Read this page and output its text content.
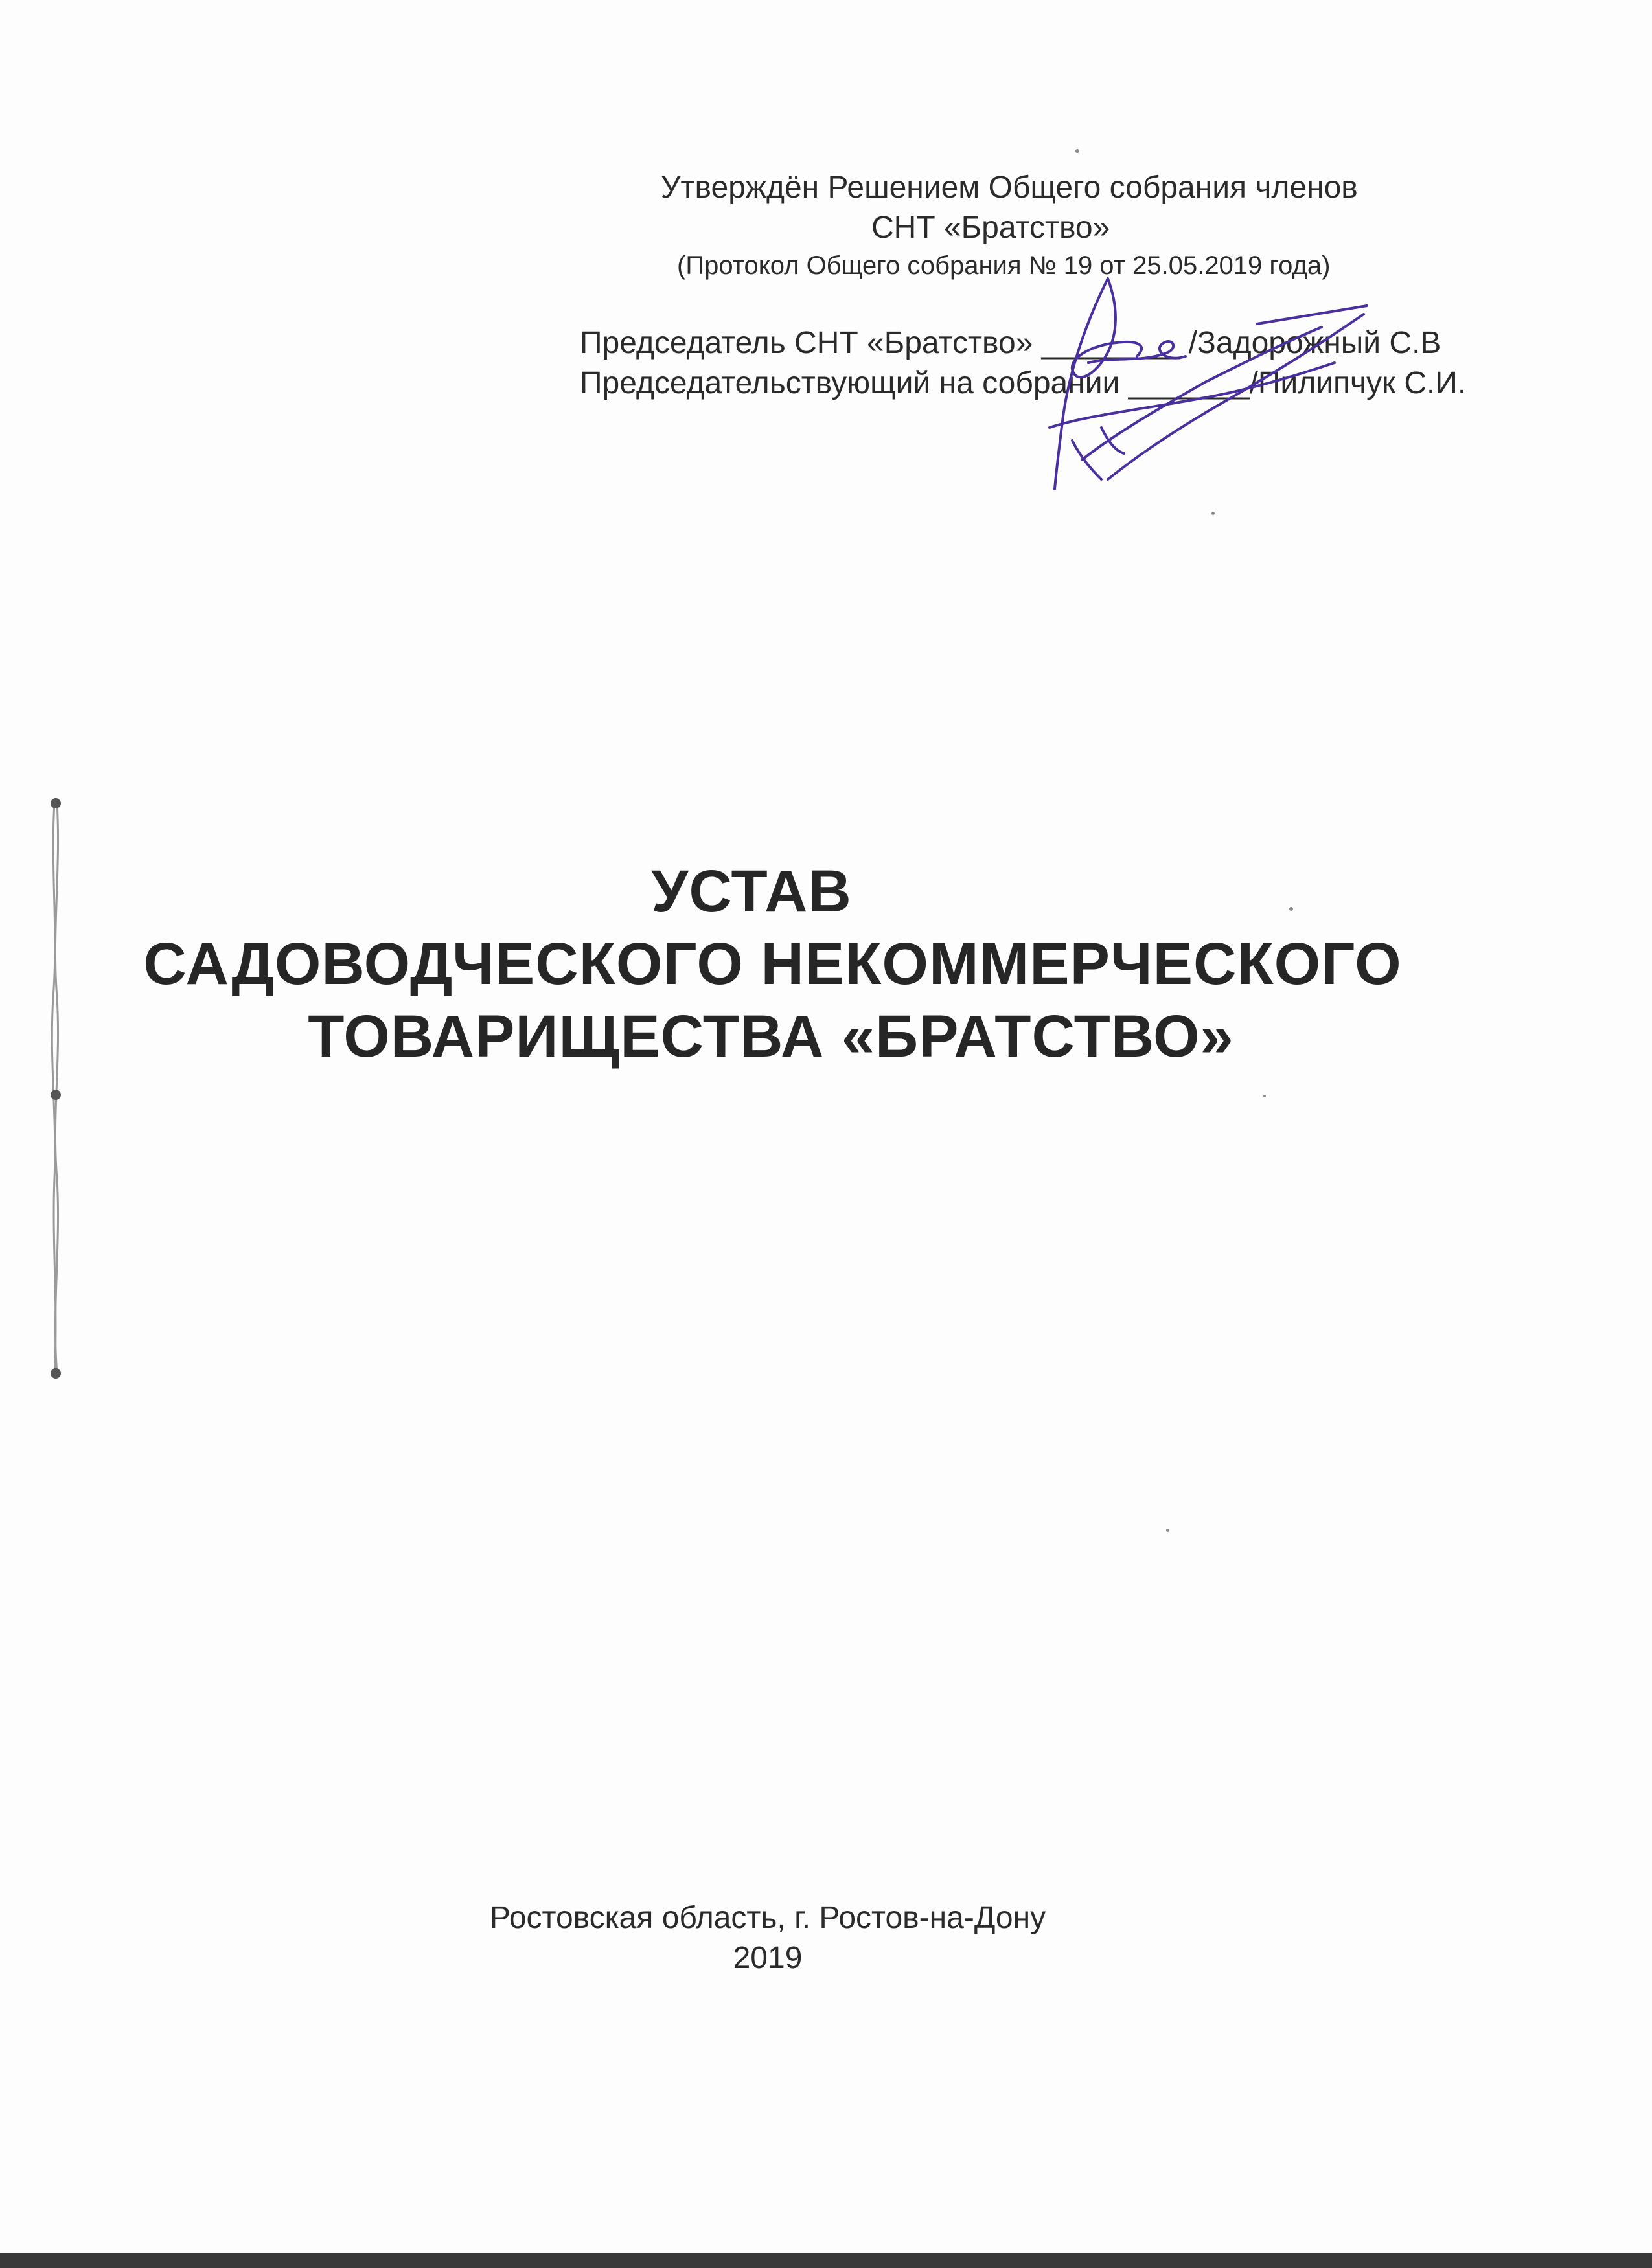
Утверждён Решением Общего собрания членов
СНТ «Братство»
(Протокол Общего собрания № 19 от 25.05.2019 года)
Председатель СНТ «Братство» ________ /Задорожный С.В
Председательствующий на собрании _______/Пилипчук С.И.
УСТАВ
САДОВОДЧЕСКОГО НЕКОММЕРЧЕСКОГО
ТОВАРИЩЕСТВА «БРАТСТВО»
Ростовская область, г. Ростов-на-Дону
2019
